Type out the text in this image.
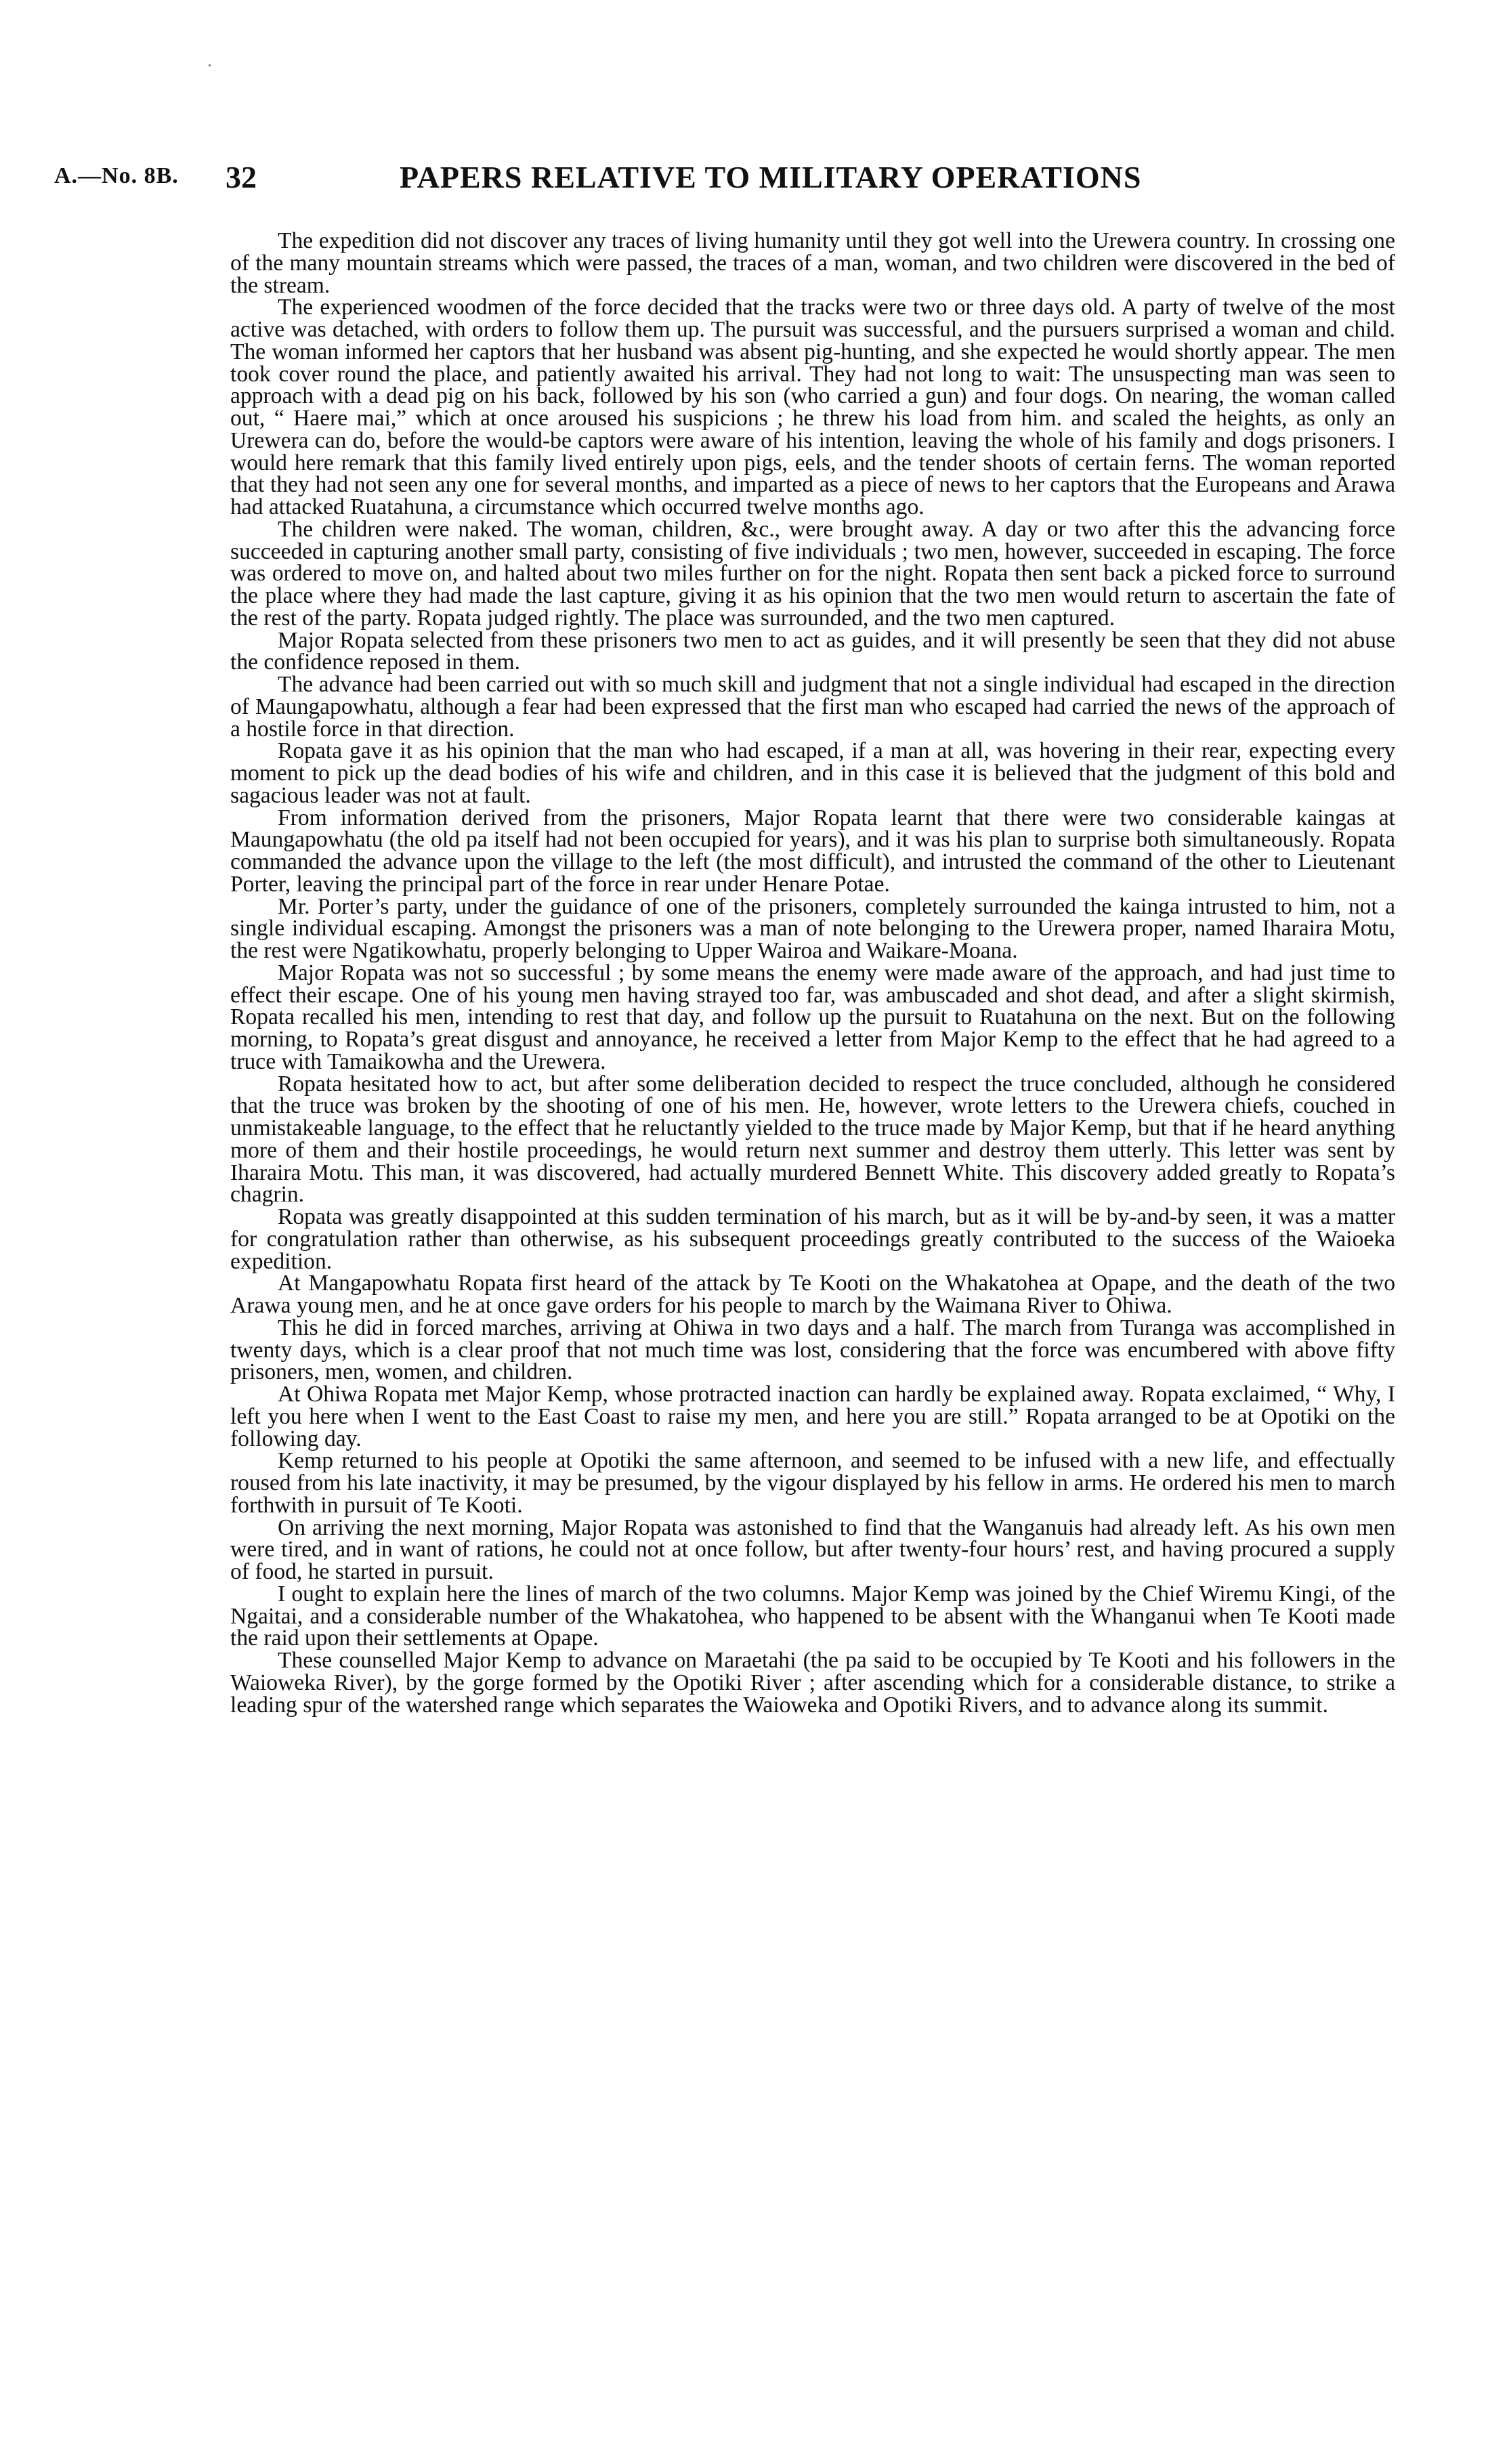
A.—No. 8B. 32	PAPERS RELATIVE TO MILITARY OPERATIONS

The expedition did not discover any traces of living humanity until they got well into the Urewera country. In crossing one of the many mountain streams which were passed, the traces of a man, woman, and two children were discovered in the bed of the stream.

The experienced woodmen of the force decided that the tracks were two or three days old. A party of twelve of the most active was detached, with orders to follow them up. The pursuit was successful, and the pursuers surprised a woman and child. The woman informed her captors that her husband was absent pig-hunting, and she expected he would shortly appear. The men took cover round the place, and patiently awaited his arrival. They had not long to wait: The unsuspecting man was seen to approach with a dead pig on his back, followed by his son (who carried a gun) and four dogs. On nearing, the woman called out, “ Haere mai,” which at once aroused his suspicions ; he threw his load from him. and scaled the heights, as only an Urewera can do, before the would-be captors were aware of his intention, leaving the whole of his family and dogs prisoners. I would here remark that this family lived entirely upon pigs, eels, and the tender shoots of certain ferns. The woman reported that they had not seen any one for several months, and imparted as a piece of news to her captors that the Europeans and Arawa had attacked Ruatahuna, a circumstance which occurred twelve months ago.

The children were naked. The woman, children, &c., were brought away. A day or two after this the advancing force succeeded in capturing another small party, consisting of five individuals ; two men, however, succeeded in escaping. The force was ordered to move on, and halted about two miles further on for the night. Ropata then sent back a picked force to surround the place where they had made the last capture, giving it as his opinion that the two men would return to ascertain the fate of the rest of the party. Ropata judged rightly. The place was surrounded, and the two men captured.

Major Ropata selected from these prisoners two men to act as guides, and it will presently be seen that they did not abuse the confidence reposed in them.

The advance had been carried out with so much skill and judgment that not a single individual had escaped in the direction of Maungapowhatu, although a fear had been expressed that the first man who escaped had carried the news of the approach of a hostile force in that direction.

Ropata gave it as his opinion that the man who had escaped, if a man at all, was hovering in their rear, expecting every moment to pick up the dead bodies of his wife and children, and in this case it is believed that the judgment of this bold and sagacious leader was not at fault.

From information derived from the prisoners, Major Ropata learnt that there were two considerable kaingas at Maungapowhatu (the old pa itself had not been occupied for years), and it was his plan to surprise both simultaneously. Ropata commanded the advance upon the village to the left (the most difficult), and intrusted the command of the other to Lieutenant Porter, leaving the principal part of the force in rear under Henare Potae.

Mr. Porter’s party, under the guidance of one of the prisoners, completely surrounded the kainga intrusted to him, not a single individual escaping. Amongst the prisoners was a man of note belonging to the Urewera proper, named Iharaira Motu, the rest were Ngatikowhatu, properly belonging to Upper Wairoa and Waikare-Moana.

Major Ropata was not so successful ; by some means the enemy were made aware of the approach, and had just time to effect their escape. One of his young men having strayed too far, was ambuscaded and shot dead, and after a slight skirmish, Ropata recalled his men, intending to rest that day, and follow up the pursuit to Ruatahuna on the next. But on the following morning, to Ropata’s great disgust and annoyance, he received a letter from Major Kemp to the effect that he had agreed to a truce with Tamaikowha and the Urewera.

Ropata hesitated how to act, but after some deliberation decided to respect the truce concluded, although he considered that the truce was broken by the shooting of one of his men. He, however, wrote letters to the Urewera chiefs, couched in unmistakeable language, to the effect that he reluctantly yielded to the truce made by Major Kemp, but that if he heard anything more of them and their hostile proceedings, he would return next summer and destroy them utterly. This letter was sent by Iharaira Motu. This man, it was discovered, had actually murdered Bennett White. This discovery added greatly to Ropata’s chagrin.

Ropata was greatly disappointed at this sudden termination of his march, but as it will be by-and-by seen, it was a matter for congratulation rather than otherwise, as his subsequent proceedings greatly contributed to the success of the Waioeka expedition.

At Mangapowhatu Ropata first heard of the attack by Te Kooti on the Whakatohea at Opape, and the death of the two Arawa young men, and he at once gave orders for his people to march by the Waimana River to Ohiwa.

This he did in forced marches, arriving at Ohiwa in two days and a half. The march from Turanga was accomplished in twenty days, which is a clear proof that not much time was lost, considering that the force was encumbered with above fifty prisoners, men, women, and children.

At Ohiwa Ropata met Major Kemp, whose protracted inaction can hardly be explained away. Ropata exclaimed, “ Why, I left you here when I went to the East Coast to raise my men, and here you are still.” Ropata arranged to be at Opotiki on the following day.

Kemp returned to his people at Opotiki the same afternoon, and seemed to be infused with a new life, and effectually roused from his late inactivity, it may be presumed, by the vigour displayed by his fellow in arms. He ordered his men to march forthwith in pursuit of Te Kooti.

On arriving the next morning, Major Ropata was astonished to find that the Wanganuis had already left. As his own men were tired, and in want of rations, he could not at once follow, but after twenty-four hours’ rest, and having procured a supply of food, he started in pursuit.

I ought to explain here the lines of march of the two columns. Major Kemp was joined by the Chief Wiremu Kingi, of the Ngaitai, and a considerable number of the Whakatohea, who happened to be absent with the Whanganui when Te Kooti made the raid upon their settlements at Opape.

These counselled Major Kemp to advance on Maraetahi (the pa said to be occupied by Te Kooti and his followers in the Waioweka River), by the gorge formed by the Opotiki River ; after ascending which for a considerable distance, to strike a leading spur of the watershed range which separates the Waioweka and Opotiki Rivers, and to advance along its summit.
